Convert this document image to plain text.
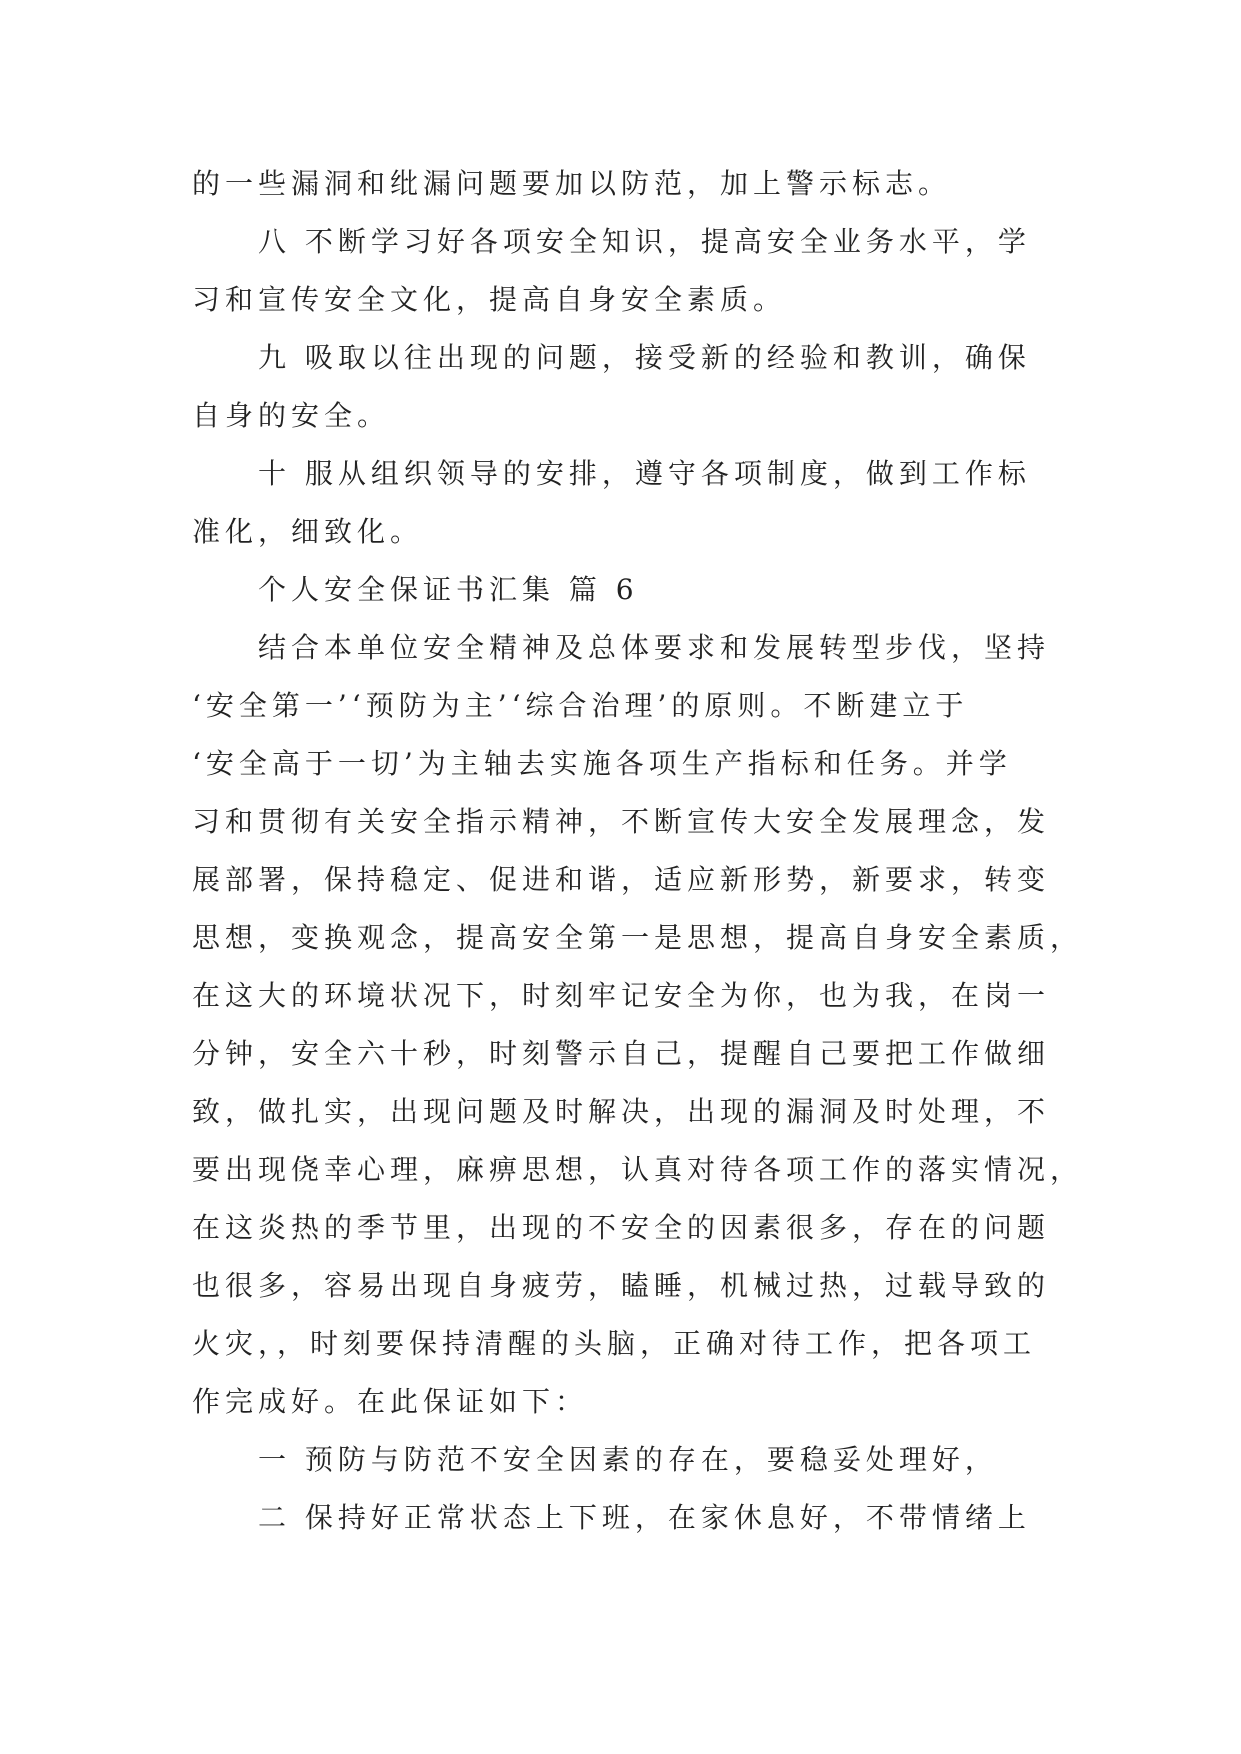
的一些漏洞和纰漏问题要加以防范，加上警示标志。
八 不断学习好各项安全知识，提高安全业务水平，学
习和宣传安全文化，提高自身安全素质。
九 吸取以往出现的问题，接受新的经验和教训，确保
自身的安全。
十 服从组织领导的安排，遵守各项制度，做到工作标
准化，细致化。
个人安全保证书汇集 篇 6
结合本单位安全精神及总体要求和发展转型步伐，坚持
‘安全第一’‘预防为主’‘综合治理’的原则。不断建立于
‘安全高于一切’为主轴去实施各项生产指标和任务。并学
习和贯彻有关安全指示精神，不断宣传大安全发展理念，发
展部署，保持稳定、促进和谐，适应新形势，新要求，转变
思想，变换观念，提高安全第一是思想，提高自身安全素质，
在这大的环境状况下，时刻牢记安全为你，也为我，在岗一
分钟，安全六十秒，时刻警示自己，提醒自己要把工作做细
致，做扎实，出现问题及时解决，出现的漏洞及时处理，不
要出现侥幸心理，麻痹思想，认真对待各项工作的落实情况，
在这炎热的季节里，出现的不安全的因素很多，存在的问题
也很多，容易出现自身疲劳，瞌睡，机械过热，过载导致的
火灾，，时刻要保持清醒的头脑，正确对待工作，把各项工
作完成好。在此保证如下：
一 预防与防范不安全因素的存在，要稳妥处理好，
二 保持好正常状态上下班，在家休息好，不带情绪上
